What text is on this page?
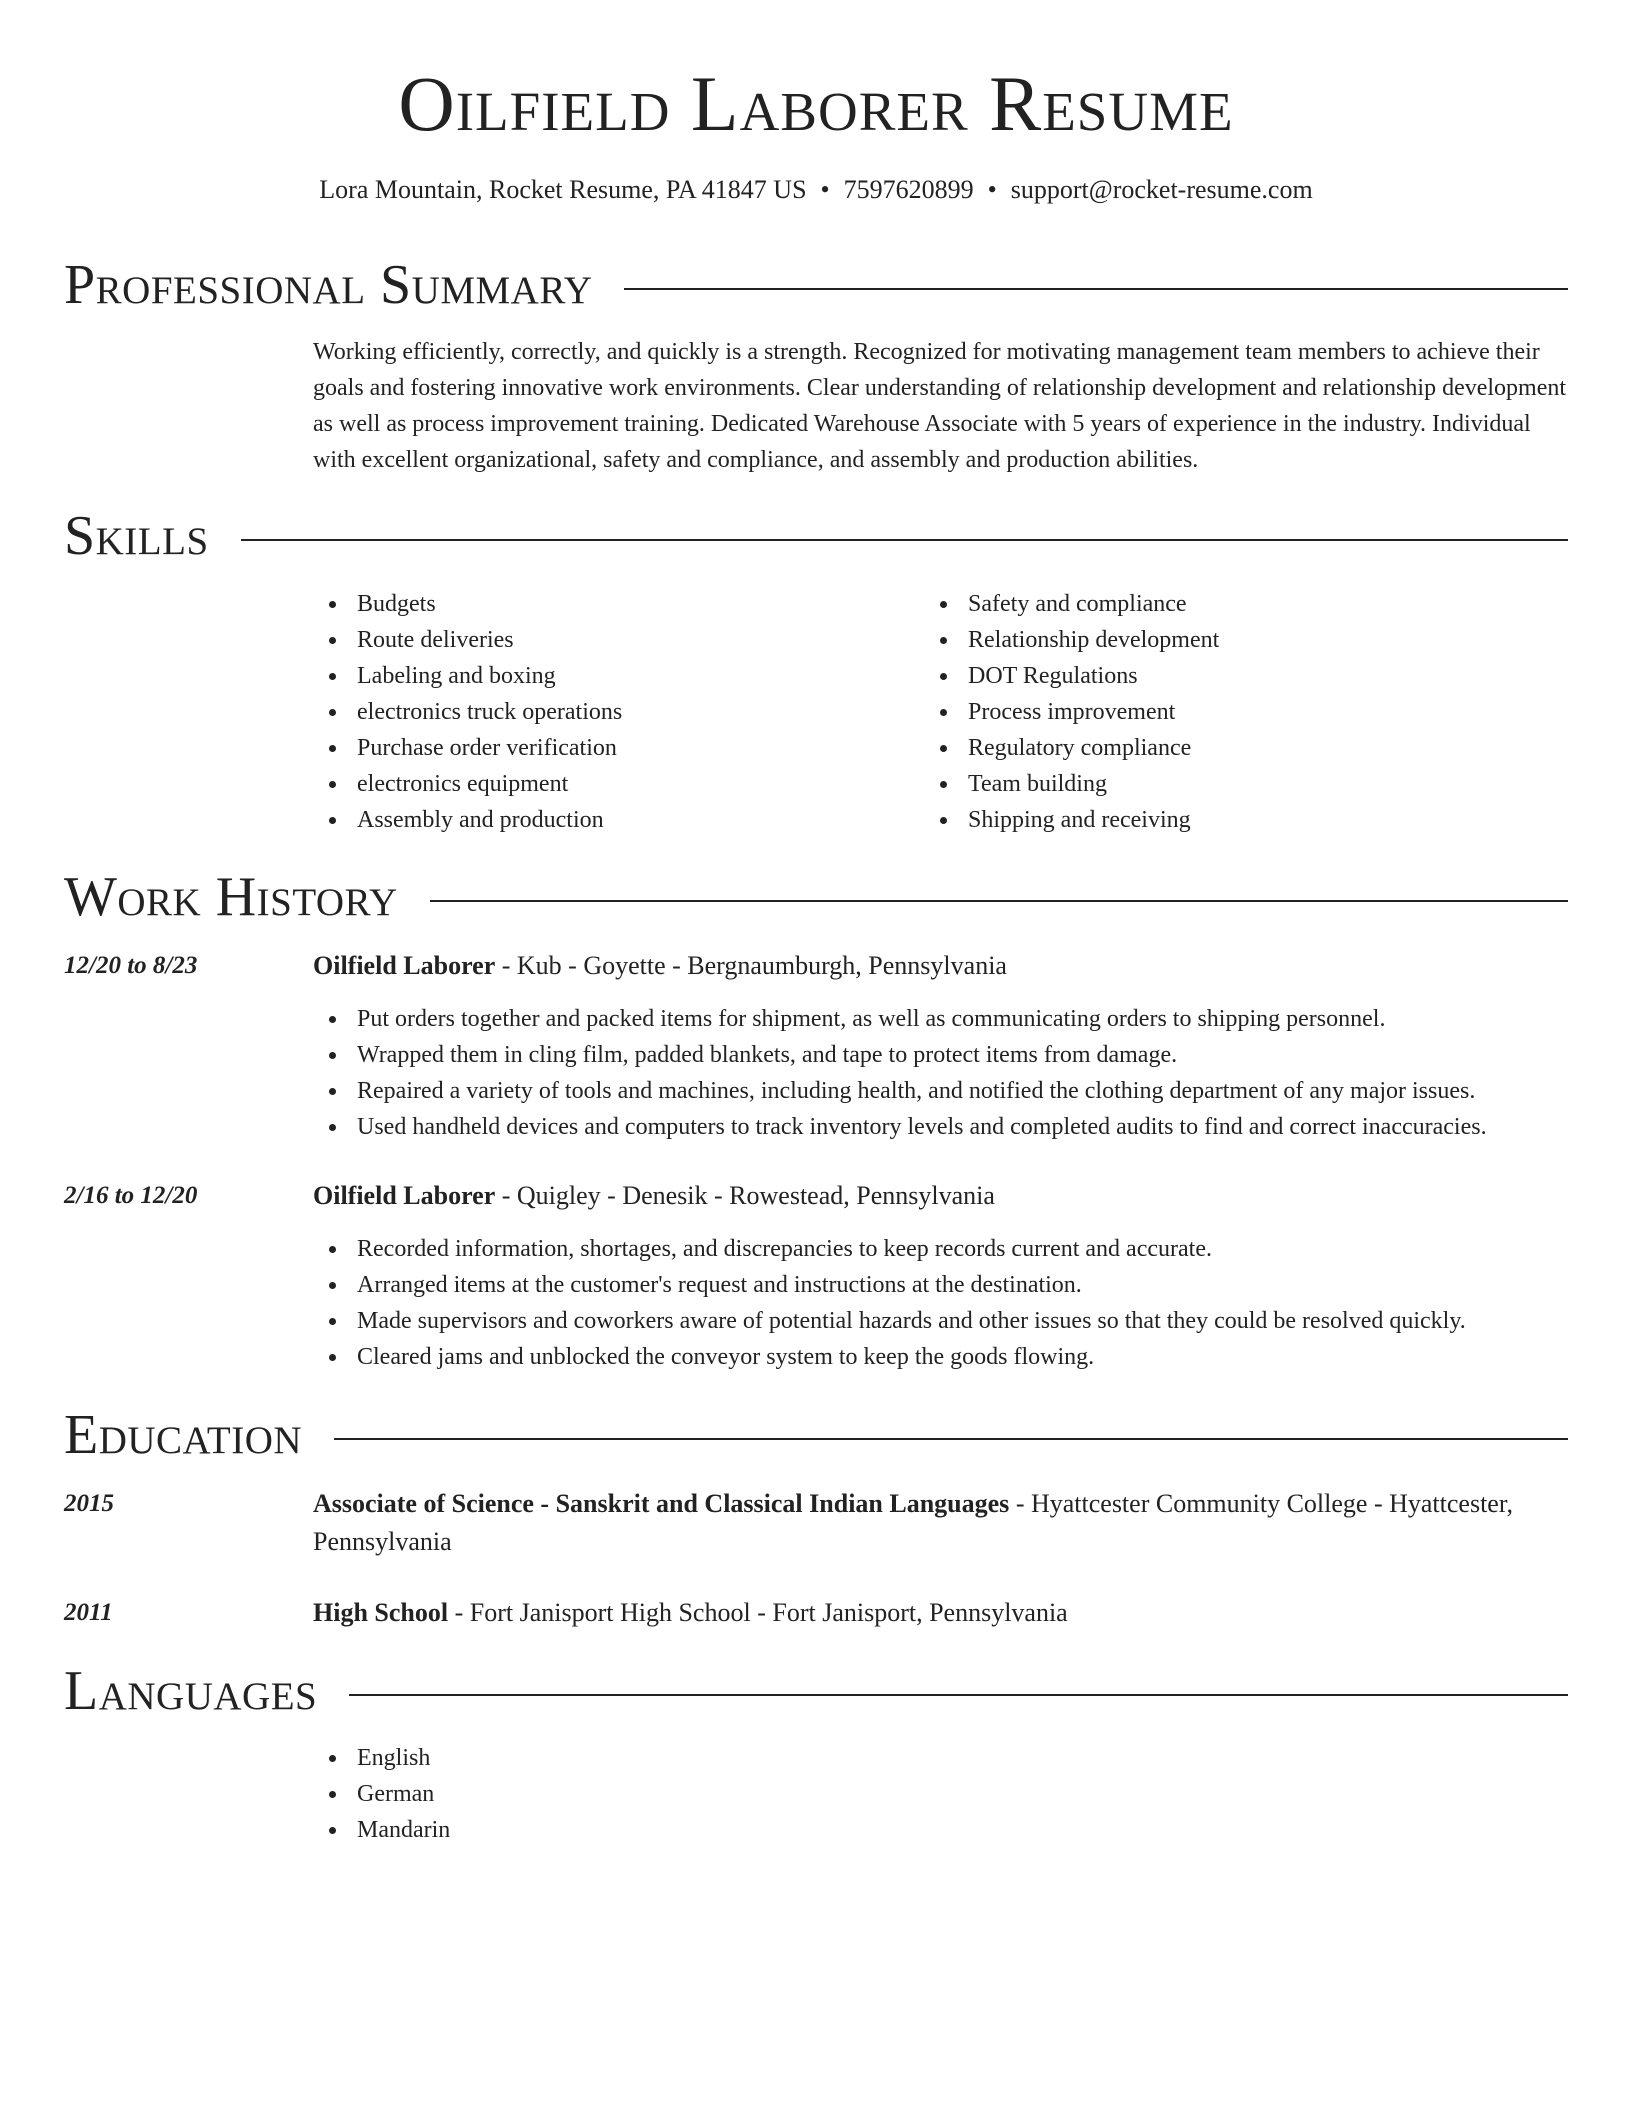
Oilfield Laborer Resume
Lora Mountain, Rocket Resume, PA 41847 US • 7597620899 • support@rocket-resume.com
Professional Summary

Working efficiently, correctly, and quickly is a strength. Recognized for motivating management team members to achieve their goals and fostering innovative work environments. Clear understanding of relationship development and relationship development as well as process improvement training. Dedicated Warehouse Associate with 5 years of experience in the industry. Individual with excellent organizational, safety and compliance, and assembly and production abilities.

Skills
Budgets
Route deliveries
Labeling and boxing
electronics truck operations
Purchase order verification
electronics equipment
Assembly and production
Safety and compliance
Relationship development
DOT Regulations
Process improvement
Regulatory compliance
Team building
Shipping and receiving
Work History
12/20 to 8/23	Oilfield Laborer - Kub - Goyette - Bergnaumburgh, Pennsylvania
Put orders together and packed items for shipment, as well as communicating orders to shipping personnel.
Wrapped them in cling film, padded blankets, and tape to protect items from damage.
Repaired a variety of tools and machines, including health, and notified the clothing department of any major issues.
Used handheld devices and computers to track inventory levels and completed audits to find and correct inaccuracies.
2/16 to 12/20	Oilfield Laborer - Quigley - Denesik - Rowestead, Pennsylvania
Recorded information, shortages, and discrepancies to keep records current and accurate.
Arranged items at the customer's request and instructions at the destination.
Made supervisors and coworkers aware of potential hazards and other issues so that they could be resolved quickly.
Cleared jams and unblocked the conveyor system to keep the goods flowing.
Education
2015	Associate of Science - Sanskrit and Classical Indian Languages - Hyattcester Community College - Hyattcester, Pennsylvania
2011	High School - Fort Janisport High School - Fort Janisport, Pennsylvania
Languages
English
German
Mandarin
